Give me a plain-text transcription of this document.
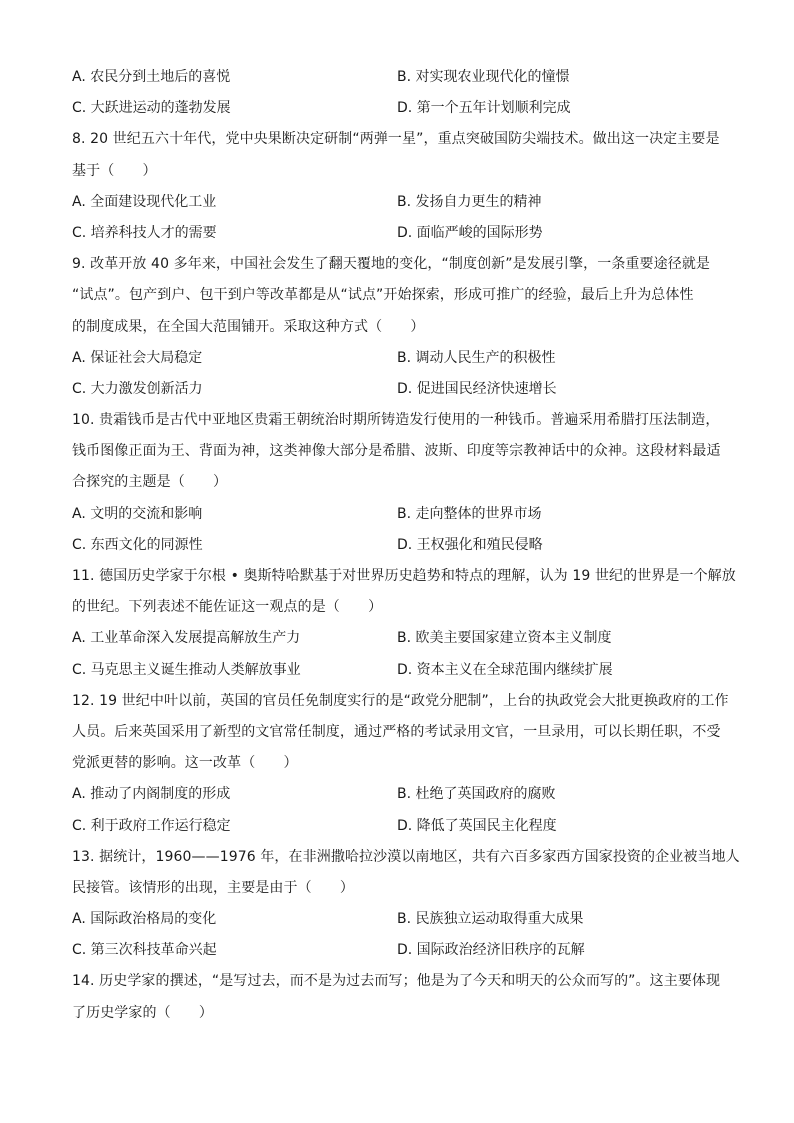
A. 农民分到土地后的喜悦	B. 对实现农业现代化的憧憬
C. 大跃进运动的蓬勃发展	D. 第一个五年计划顺利完成
8. 20 世纪五六十年代，党中央果断决定研制“两弹一星”，重点突破国防尖端技术。做出这一决定主要是
基于（　　）
A. 全面建设现代化工业	B. 发扬自力更生的精神
C. 培养科技人才的需要	D. 面临严峻的国际形势
9. 改革开放 40 多年来，中国社会发生了翻天覆地的变化，“制度创新”是发展引擎，一条重要途径就是
“试点”。包产到户、包干到户等改革都是从“试点”开始探索，形成可推广的经验，最后上升为总体性
的制度成果，在全国大范围铺开。采取这种方式（　　）
A. 保证社会大局稳定	B. 调动人民生产的积极性
C. 大力激发创新活力	D. 促进国民经济快速增长
10. 贵霜钱币是古代中亚地区贵霜王朝统治时期所铸造发行使用的一种钱币。普遍采用希腊打压法制造，
钱币图像正面为王、背面为神，这类神像大部分是希腊、波斯、印度等宗教神话中的众神。这段材料最适
合探究的主题是（　　）
A. 文明的交流和影响	B. 走向整体的世界市场
C. 东西文化的同源性	D. 王权强化和殖民侵略
11. 德国历史学家于尔根 • 奥斯特哈默基于对世界历史趋势和特点的理解，认为 19 世纪的世界是一个解放
的世纪。下列表述不能佐证这一观点的是（　　）
A. 工业革命深入发展提高解放生产力	B. 欧美主要国家建立资本主义制度
C. 马克思主义诞生推动人类解放事业	D. 资本主义在全球范围内继续扩展
12. 19 世纪中叶以前，英国的官员任免制度实行的是“政党分肥制”，上台的执政党会大批更换政府的工作
人员。后来英国采用了新型的文官常任制度，通过严格的考试录用文官，一旦录用，可以长期任职，不受
党派更替的影响。这一改革（　　）
A. 推动了内阁制度的形成	B. 杜绝了英国政府的腐败
C. 利于政府工作运行稳定	D. 降低了英国民主化程度
13. 据统计，1960——1976 年，在非洲撒哈拉沙漠以南地区，共有六百多家西方国家投资的企业被当地人
民接管。该情形的出现，主要是由于（　　）
A. 国际政治格局的变化	B. 民族独立运动取得重大成果
C. 第三次科技革命兴起	D. 国际政治经济旧秩序的瓦解
14. 历史学家的撰述，“是写过去，而不是为过去而写；他是为了今天和明天的公众而写的”。这主要体现
了历史学家的（　　）
